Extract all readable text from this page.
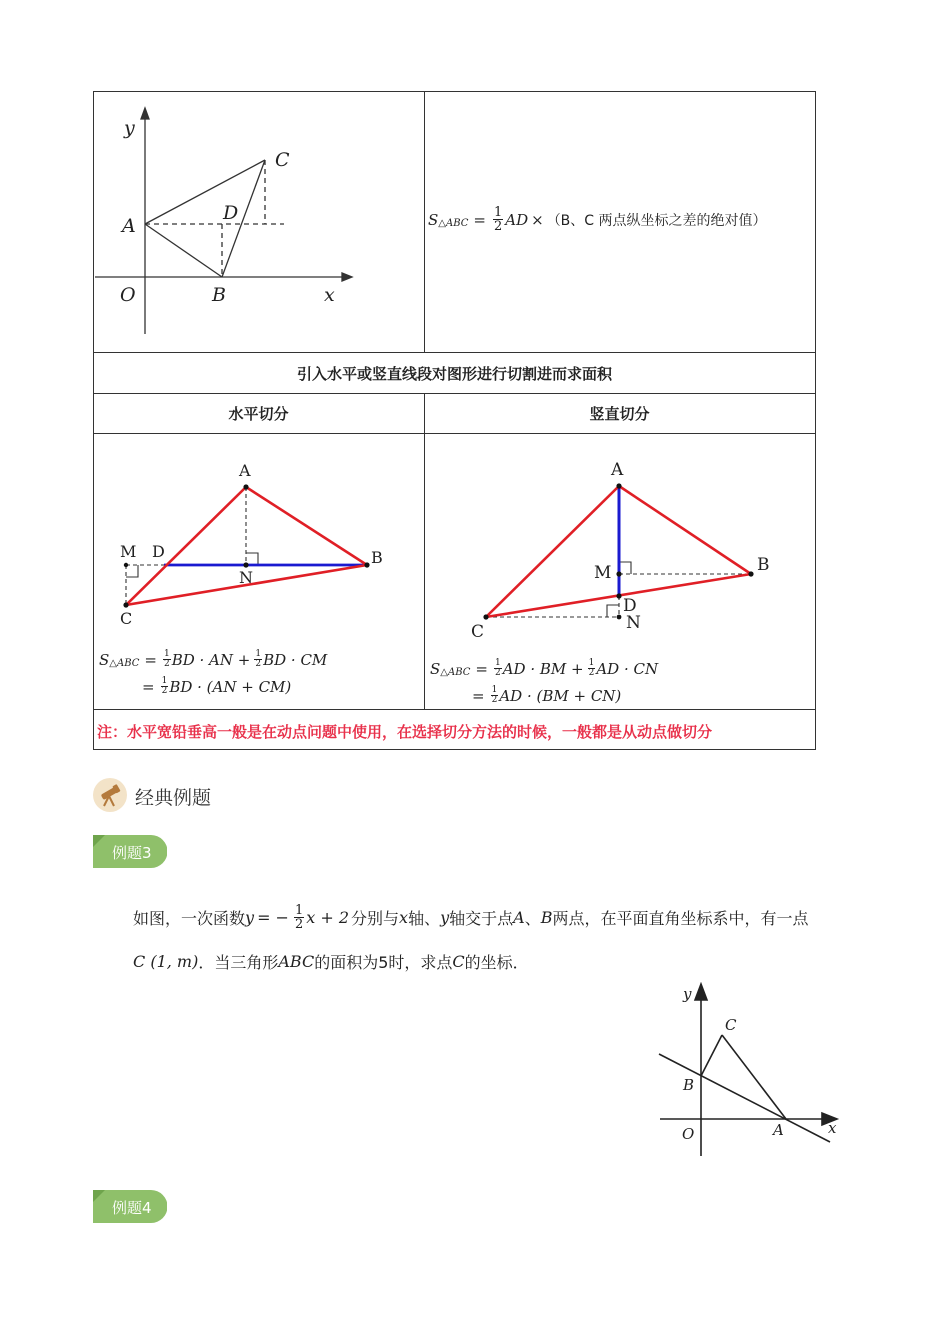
y
x
O
A
B
C
D	S △ABC = $\frac{1}{2}$ AD × （B、C 两点纵坐标之差的绝对值）
引入水平或竖直线段对图形进行切割进而求面积
水平切分	竖直切分
A
B
C
M D
N
S △ABC = $\frac{1}{2}$ BD · AN + $\frac{1}{2}$ BD · CM
= $\frac{1}{2}$ BD · (AN + CM)
A
B
C
M
D
N
S △ABC = $\frac{1}{2}$ AD · BM + $\frac{1}{2}$ AD · CN
= $\frac{1}{2}$ AD · (BM + CN)
注：水平宽铅垂高一般是在动点问题中使用，在选择切分方法的时候，一般都是从动点做切分
经典例题
例题3
如图，一次函数 y = − $\frac{1}{2}$ x + 2 分别与 x 轴、 y 轴交于点 A 、 B 两点，在平面直角坐标系中，有一点
C (1, m) ．当三角形 ABC 的面积为5时，求点 C 的坐标．
y
x
O	A
B
C
例题4
